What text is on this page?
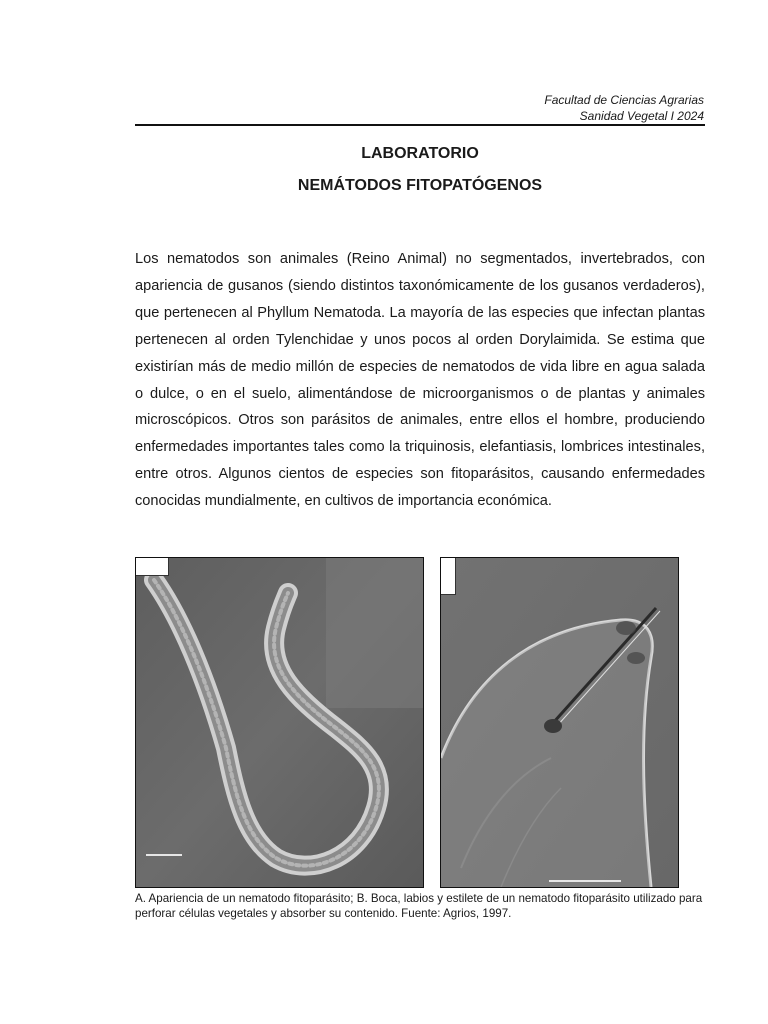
Facultad de Ciencias Agrarias
Sanidad Vegetal I 2024
LABORATORIO
NEMÁTODOS FITOPATÓGENOS

Los nematodos son animales (Reino Animal) no segmentados, invertebrados, con apariencia de gusanos (siendo distintos taxonómicamente de los gusanos verdaderos), que pertenecen al Phyllum Nematoda. La mayoría de las especies que infectan plantas pertenecen al orden Tylenchidae y unos pocos al orden Dorylaimida. Se estima que existirían más de medio millón de especies de nematodos de vida libre en agua salada o dulce, o en el suelo, alimentándose de microorganismos o de plantas y animales microscópicos. Otros son parásitos de animales, entre ellos el hombre, produciendo enfermedades importantes tales como la triquinosis, elefantiasis, lombrices intestinales, entre otros. Algunos cientos de especies son fitoparásitos, causando enfermedades conocidas mundialmente, en cultivos de importancia económica.

A. Apariencia de un nematodo fitoparásito; B. Boca, labios y estilete de un nematodo fitoparásito utilizado para perforar células vegetales y absorber su contenido. Fuente: Agrios, 1997.
